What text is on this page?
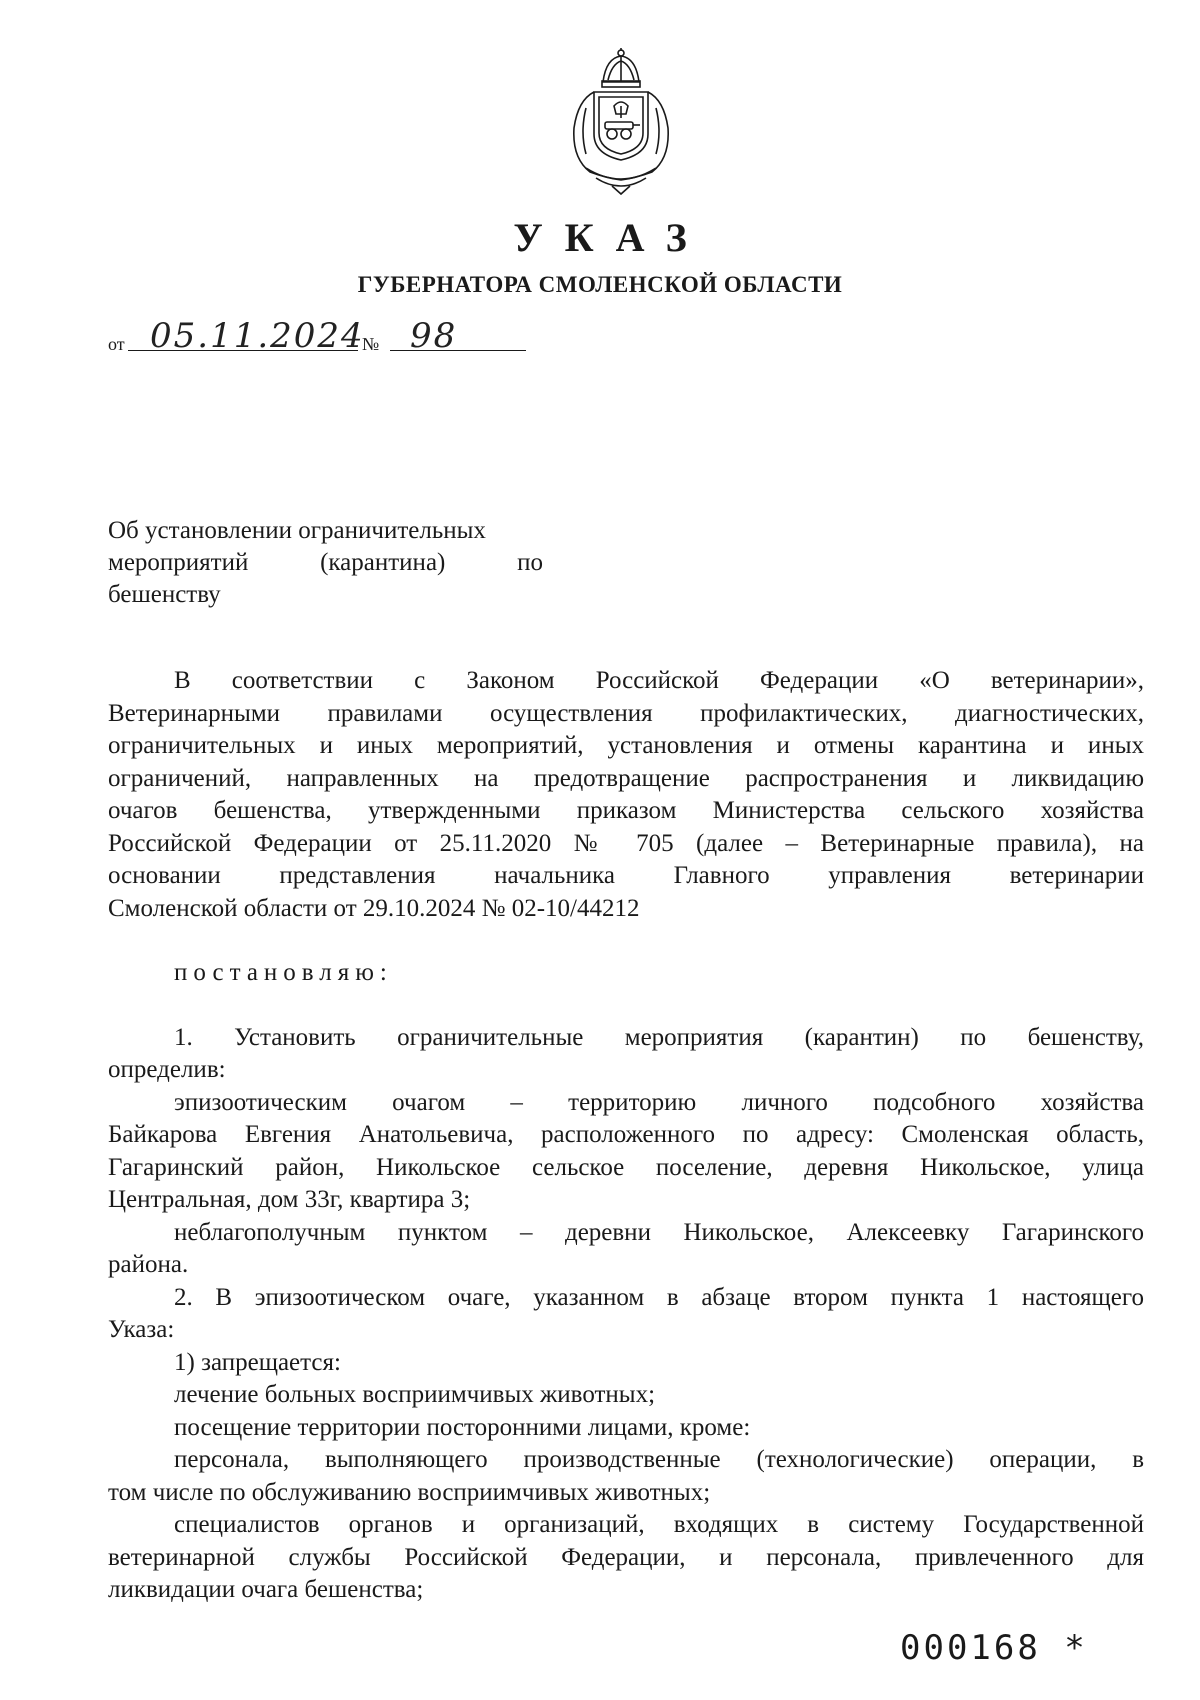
УКАЗ
ГУБЕРНАТОРА СМОЛЕНСКОЙ ОБЛАСТИ
от 05.11.2024
№ 98
Об установлении ограничительных
мероприятий	(карантина)	по
бешенству
В соответствии с Законом Российской Федерации «О ветеринарии»,
Ветеринарными правилами осуществления профилактических, диагностических,
ограничительных и иных мероприятий, установления и отмены карантина и иных
ограничений, направленных на предотвращение распространения и ликвидацию
очагов бешенства, утвержденными приказом Министерства сельского хозяйства
Российской Федерации от 25.11.2020 № 705 (далее – Ветеринарные правила), на
основании представления начальника Главного управления ветеринарии
Смоленской области от 29.10.2024 № 02-10/44212
постановляю:
1. Установить ограничительные мероприятия (карантин) по бешенству,
определив:
эпизоотическим очагом – территорию личного подсобного хозяйства
Байкарова Евгения Анатольевича, расположенного по адресу: Смоленская область,
Гагаринский район, Никольское сельское поселение, деревня Никольское, улица
Центральная, дом 33г, квартира 3;
неблагополучным пунктом – деревни Никольское, Алексеевку Гагаринского
района.
2. В эпизоотическом очаге, указанном в абзаце втором пункта 1 настоящего
Указа:
1) запрещается:
лечение больных восприимчивых животных;
посещение территории посторонними лицами, кроме:
персонала, выполняющего производственные (технологические) операции, в
том числе по обслуживанию восприимчивых животных;
специалистов органов и организаций, входящих в систему Государственной
ветеринарной службы Российской Федерации, и персонала, привлеченного для
ликвидации очага бешенства;
000168 *
